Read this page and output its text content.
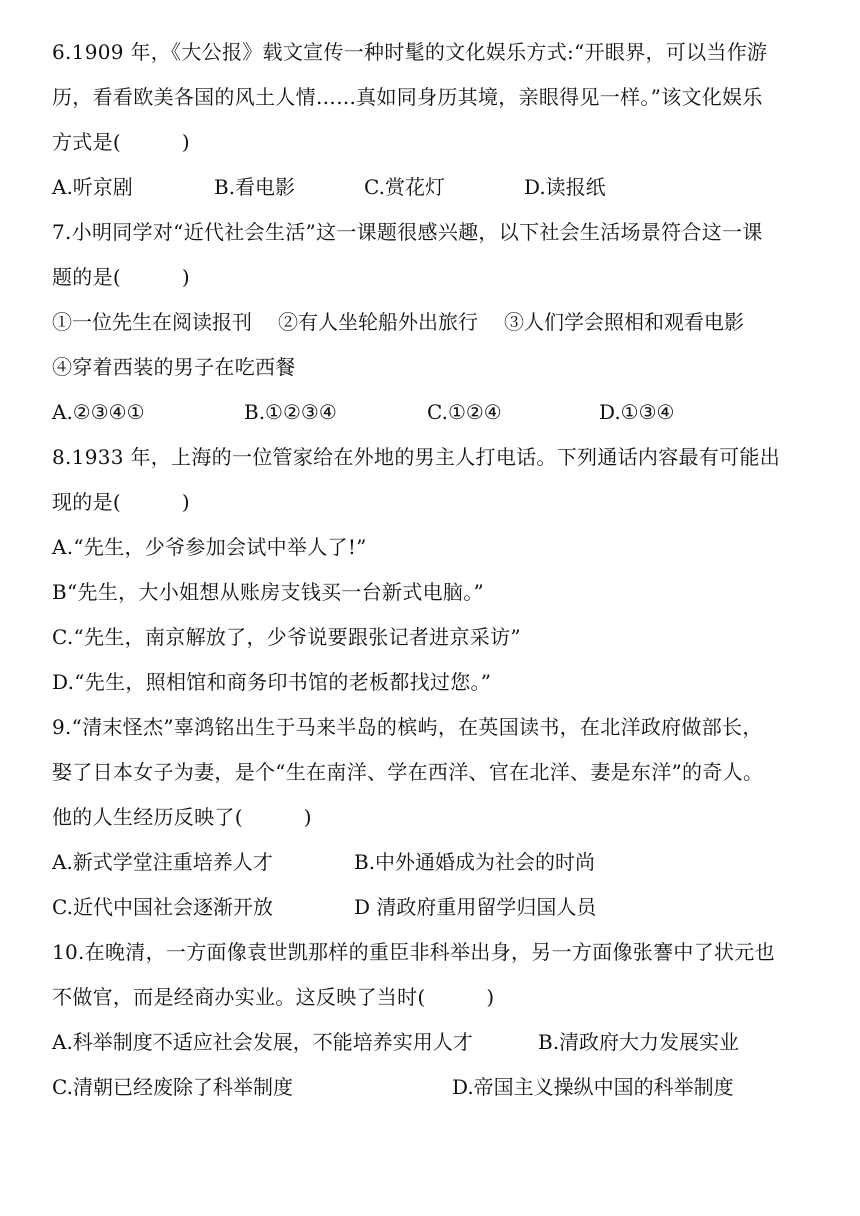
6.1909 年，《大公报》载文宣传一种时髦的文化娱乐方式:“开眼界，可以当作游
历，看看欧美各国的风土人情…...真如同身历其境，亲眼得见一样。”该文化娱乐
方式是(　　　)
A.听京剧	B.看电影	C.赏花灯	D.读报纸
7.小明同学对“近代社会生活”这一课题很感兴趣，以下社会生活场景符合这一课
题的是(　　　)
①一位先生在阅读报刊 ②有人坐轮船外出旅行 ③人们学会照相和观看电影
④穿着西装的男子在吃西餐
A.②③④①	B.①②③④	C.①②④	D.①③④
8.1933 年，上海的一位管家给在外地的男主人打电话。下列通话内容最有可能出
现的是(　　　)
A.“先生，少爷参加会试中举人了!”
B“先生，大小姐想从账房支钱买一台新式电脑。”
C.“先生，南京解放了，少爷说要跟张记者进京采访”
D.“先生，照相馆和商务印书馆的老板都找过您。”
9.“清末怪杰”辜鸿铭出生于马来半岛的槟屿，在英国读书，在北洋政府做部长，
娶了日本女子为妻，是个“生在南洋、学在西洋、官在北洋、妻是东洋”的奇人。
他的人生经历反映了(　　　)
A.新式学堂注重培养人才	B.中外通婚成为社会的时尚
C.近代中国社会逐渐开放	D 清政府重用留学归国人员
10.在晚清，一方面像袁世凯那样的重臣非科举出身，另一方面像张謇中了状元也
不做官，而是经商办实业。这反映了当时(　　　)
A.科举制度不适应社会发展，不能培养实用人才	B.清政府大力发展实业
C.清朝已经废除了科举制度	D.帝国主义操纵中国的科举制度
